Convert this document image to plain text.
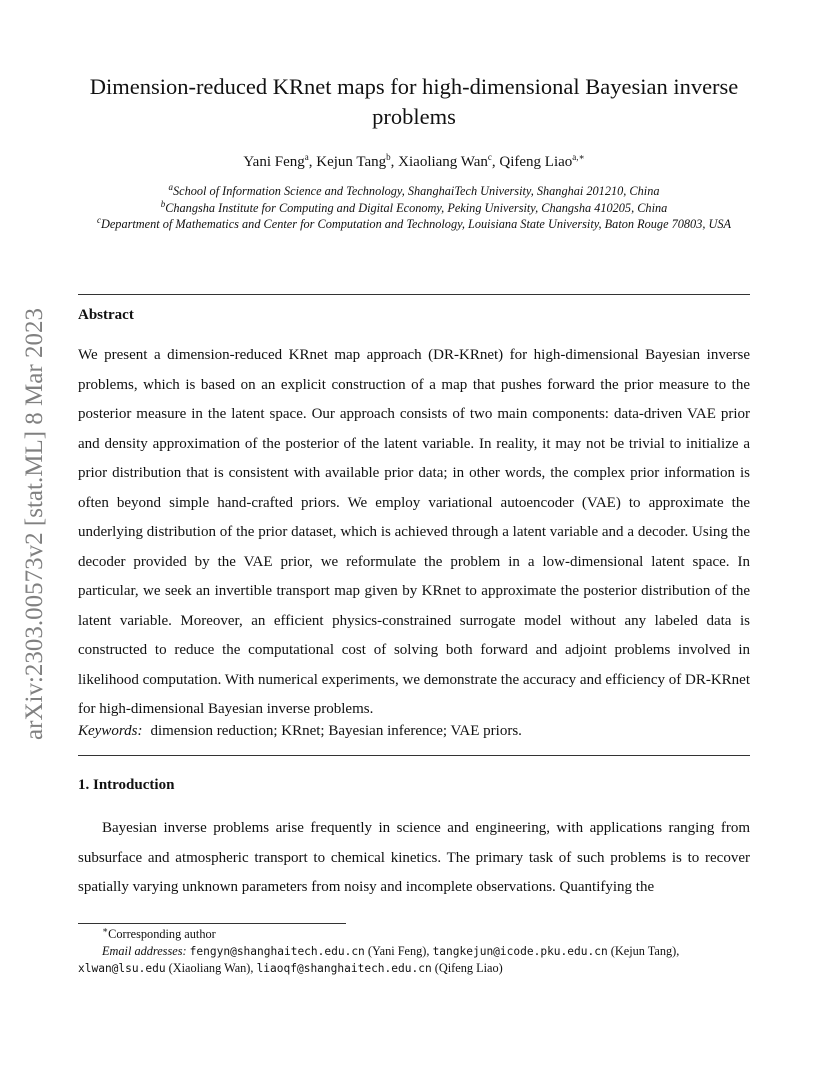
arXiv:2303.00573v2 [stat.ML] 8 Mar 2023
Dimension-reduced KRnet maps for high-dimensional Bayesian inverse problems
Yani Feng$^a$, Kejun Tang$^b$, Xiaoliang Wan$^c$, Qifeng Liao$^{a,∗}$
$^a$School of Information Science and Technology, ShanghaiTech University, Shanghai 201210, China
$^b$Changsha Institute for Computing and Digital Economy, Peking University, Changsha 410205, China
$^c$Department of Mathematics and Center for Computation and Technology, Louisiana State University, Baton Rouge 70803, USA
Abstract
We present a dimension-reduced KRnet map approach (DR-KRnet) for high-dimensional Bayesian inverse problems, which is based on an explicit construction of a map that pushes forward the prior measure to the posterior measure in the latent space. Our approach consists of two main components: data-driven VAE prior and density approximation of the posterior of the latent variable. In reality, it may not be trivial to initialize a prior distribution that is consistent with available prior data; in other words, the complex prior information is often beyond simple hand-crafted priors. We employ variational autoencoder (VAE) to approximate the underlying distribution of the prior dataset, which is achieved through a latent variable and a decoder. Using the decoder provided by the VAE prior, we reformulate the problem in a low-dimensional latent space. In particular, we seek an invertible transport map given by KRnet to approximate the posterior distribution of the latent variable. Moreover, an efficient physics-constrained surrogate model without any labeled data is constructed to reduce the computational cost of solving both forward and adjoint problems involved in likelihood computation. With numerical experiments, we demonstrate the accuracy and efficiency of DR-KRnet for high-dimensional Bayesian inverse problems.
Keywords: dimension reduction; KRnet; Bayesian inference; VAE priors.
1. Introduction
Bayesian inverse problems arise frequently in science and engineering, with applications ranging from subsurface and atmospheric transport to chemical kinetics. The primary task of such problems is to recover spatially varying unknown parameters from noisy and incomplete observations. Quantifying the
∗Corresponding author
Email addresses: fengyn@shanghaitech.edu.cn (Yani Feng), tangkejun@icode.pku.edu.cn (Kejun Tang),
xlwan@lsu.edu (Xiaoliang Wan), liaoqf@shanghaitech.edu.cn (Qifeng Liao)
